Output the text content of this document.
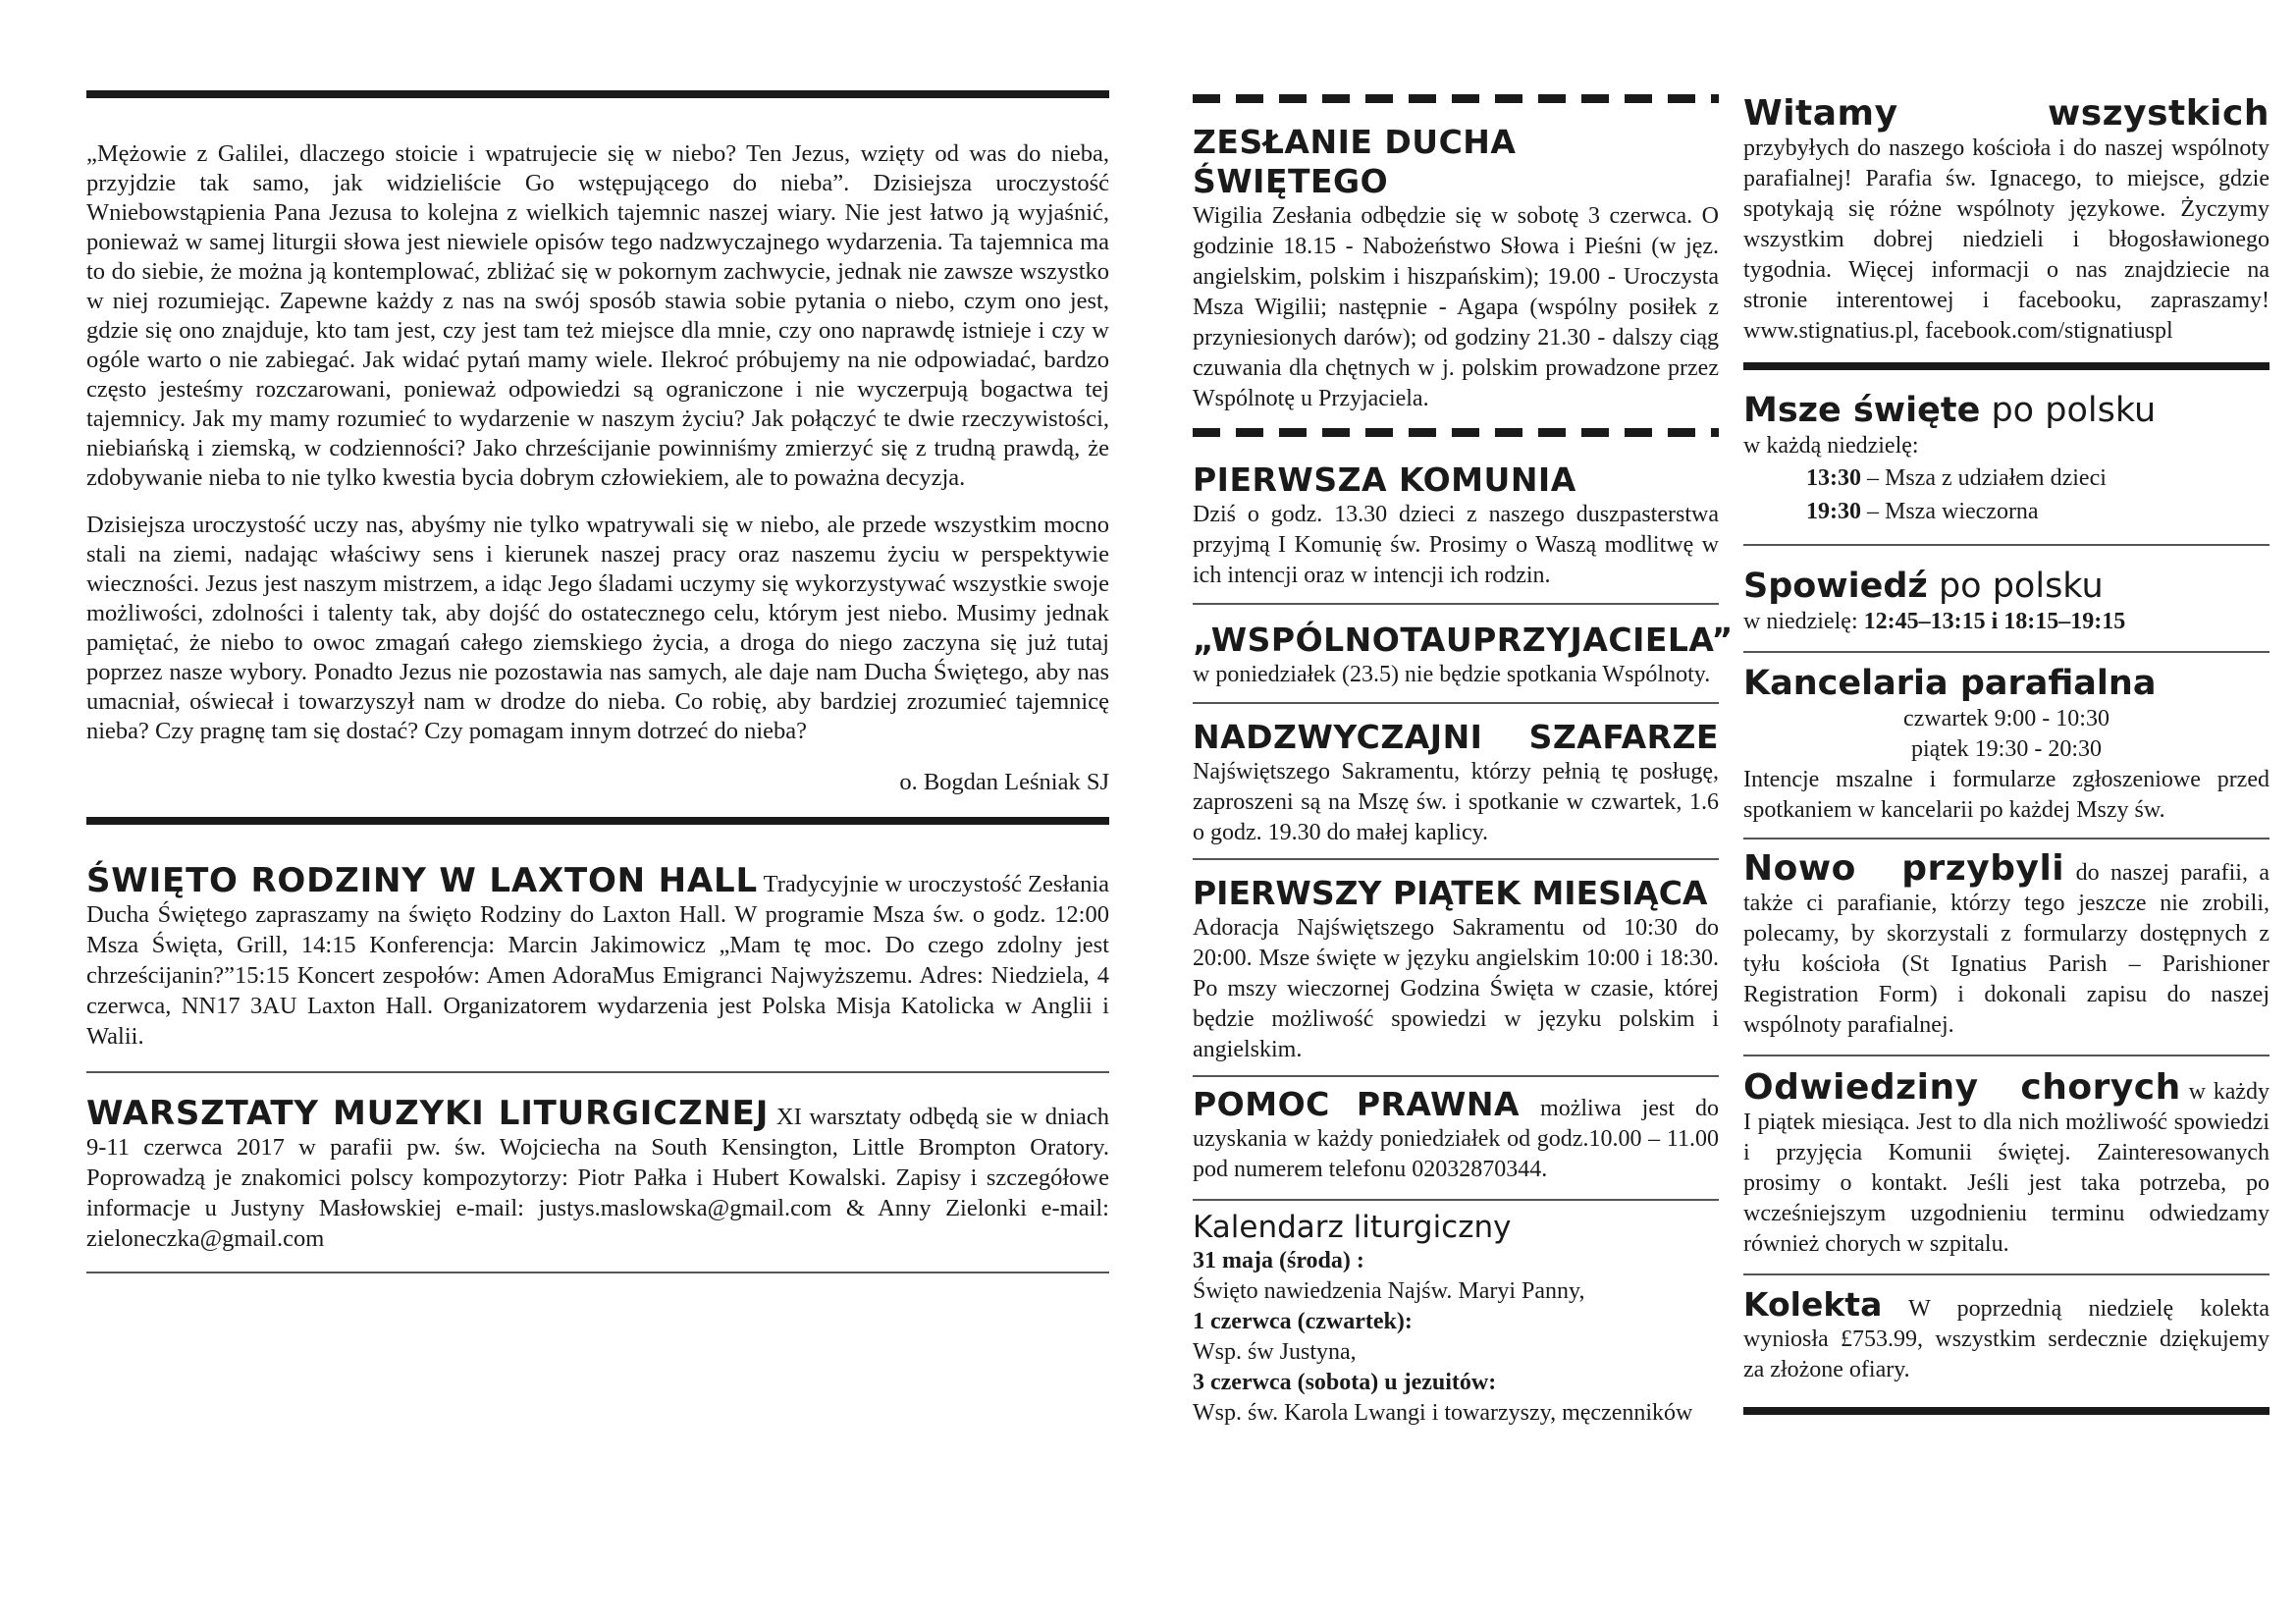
„Mężowie z Galilei, dlaczego stoicie i wpatrujecie się w niebo? Ten Jezus, wzięty od was do nieba, przyjdzie tak samo, jak widzieliście Go wstępującego do nieba”. Dzisiejsza uroczystość Wniebowstąpienia Pana Jezusa to kolejna z wielkich tajemnic naszej wiary. Nie jest łatwo ją wyjaśnić, ponieważ w samej liturgii słowa jest niewiele opisów tego nadzwyczajnego wydarzenia. Ta tajemnica ma to do siebie, że można ją kontemplować, zbliżać się w pokornym zachwycie, jednak nie zawsze wszystko w niej rozumiejąc. Zapewne każdy z nas na swój sposób stawia sobie pytania o niebo, czym ono jest, gdzie się ono znajduje, kto tam jest, czy jest tam też miejsce dla mnie, czy ono naprawdę istnieje i czy w ogóle warto o nie zabiegać. Jak widać pytań mamy wiele. Ilekroć próbujemy na nie odpowiadać, bardzo często jesteśmy rozczarowani, ponieważ odpowiedzi są ograniczone i nie wyczerpują bogactwa tej tajemnicy. Jak my mamy rozumieć to wydarzenie w naszym życiu? Jak połączyć te dwie rzeczywistości, niebiańską i ziemską, w codzienności? Jako chrześcijanie powinniśmy zmierzyć się z trudną prawdą, że zdobywanie nieba to nie tylko kwestia bycia dobrym człowiekiem, ale to poważna decyzja.

Dzisiejsza uroczystość uczy nas, abyśmy nie tylko wpatrywali się w niebo, ale przede wszystkim mocno stali na ziemi, nadając właściwy sens i kierunek naszej pracy oraz naszemu życiu w perspektywie wieczności. Jezus jest naszym mistrzem, a idąc Jego śladami uczymy się wykorzystywać wszystkie swoje możliwości, zdolności i talenty tak, aby dojść do ostatecznego celu, którym jest niebo. Musimy jednak pamiętać, że niebo to owoc zmagań całego ziemskiego życia, a droga do niego zaczyna się już tutaj poprzez nasze wybory. Ponadto Jezus nie pozostawia nas samych, ale daje nam Ducha Świętego, aby nas umacniał, oświecał i towarzyszył nam w drodze do nieba. Co robię, aby bardziej zrozumieć tajemnicę nieba? Czy pragnę tam się dostać? Czy pomagam innym dotrzeć do nieba?

o. Bogdan Leśniak SJ

ŚWIĘTO RODZINY W LAXTON HALL Tradycyjnie w uroczystość Zesłania Ducha Świętego zapraszamy na święto Rodziny do Laxton Hall. W programie Msza św. o godz. 12:00 Msza Święta, Grill, 14:15 Konferencja: Marcin Jakimowicz „Mam tę moc. Do czego zdolny jest chrześcijanin?”15:15 Koncert zespołów: Amen AdoraMus Emigranci Najwyższemu. Adres: Niedziela, 4 czerwca, NN17 3AU Laxton Hall. Organizatorem wydarzenia jest Polska Misja Katolicka w Anglii i Walii.
WARSZTATY MUZYKI LITURGICZNEJ XI warsztaty odbędą sie w dniach 9-11 czerwca 2017 w parafii pw. św. Wojciecha na South Kensington, Little Brompton Oratory. Poprowadzą je znakomici polscy kompozytorzy: Piotr Pałka i Hubert Kowalski. Zapisy i szczegółowe informacje u Justyny Masłowskiej e-mail: justys.maslowska@gmail.com & Anny Zielonki e-mail: zieloneczka@gmail.com
ZESŁANIE DUCHA ŚWIĘTEGO

Wigilia Zesłania odbędzie się w sobotę 3 czerwca. O godzinie 18.15 - Nabożeństwo Słowa i Pieśni (w jęz. angielskim, polskim i hiszpańskim); 19.00 - Uroczysta Msza Wigilii; następnie - Agapa (wspólny posiłek z przyniesionych darów); od godziny 21.30 - dalszy ciąg czuwania dla chętnych w j. polskim prowadzone przez Wspólnotę u Przyjaciela.

PIERWSZA KOMUNIA

Dziś o godz. 13.30 dzieci z naszego duszpasterstwa przyjmą I Komunię św. Prosimy o Waszą modlitwę w ich intencji oraz w intencji ich rodzin.

„WSPÓLNOTA U PRZYJACIELA”

w poniedziałek (23.5) nie będzie spotkania Wspólnoty.

NADZWYCZAJNI SZAFARZE

Najświętszego Sakramentu, którzy pełnią tę posługę, zaproszeni są na Mszę św. i spotkanie w czwartek, 1.6 o godz. 19.30 do małej kaplicy.

PIERWSZY PIĄTEK MIESIĄCA

Adoracja Najświętszego Sakramentu od 10:30 do 20:00. Msze święte w języku angielskim 10:00 i 18:30. Po mszy wieczornej Godzina Święta w czasie, której będzie możliwość spowiedzi w języku polskim i angielskim.

POMOC PRAWNA możliwa jest do uzyskania w każdy poniedziałek od godz.10.00 – 11.00 pod numerem telefonu 02032870344.
Kalendarz liturgiczny
31 maja (środa) :
Święto nawiedzenia Najśw. Maryi Panny,
1 czerwca (czwartek):
Wsp. św Justyna,
3 czerwca (sobota) u jezuitów:
Wsp. św. Karola Lwangi i towarzyszy, męczenników
Witamy wszystkich przybyłych do naszego kościoła i do naszej wspólnoty parafialnej! Parafia św. Ignacego, to miejsce, gdzie spotykają się różne wspólnoty językowe. Życzymy wszystkim dobrej niedzieli i błogosławionego tygodnia. Więcej informacji o nas znajdziecie na stronie interentowej i facebooku, zapraszamy! www.stignatius.pl, facebook.com/stignatiuspl
Msze święte po polsku
w każdą niedzielę:
13:30 – Msza z udziałem dzieci
19:30 – Msza wieczorna
Spowiedź po polsku
w niedzielę: 12:45–13:15 i 18:15–19:15
Kancelaria parafialna
czwartek 9:00 - 10:30
piątek 19:30 - 20:30

Intencje mszalne i formularze zgłoszeniowe przed spotkaniem w kancelarii po każdej Mszy św.

Nowo przybyli do naszej parafii, a także ci parafianie, którzy tego jeszcze nie zrobili, polecamy, by skorzystali z formularzy dostępnych z tyłu kościoła (St Ignatius Parish – Parishioner Registration Form) i dokonali zapisu do naszej wspólnoty parafialnej.
Odwiedziny chorych w każdy I piątek miesiąca. Jest to dla nich możliwość spowiedzi i przyjęcia Komunii świętej. Zainteresowanych prosimy o kontakt. Jeśli jest taka potrzeba, po wcześniejszym uzgodnieniu terminu odwiedzamy również chorych w szpitalu.
Kolekta W poprzednią niedzielę kolekta wyniosła £753.99, wszystkim serdecznie dziękujemy za złożone ofiary.
